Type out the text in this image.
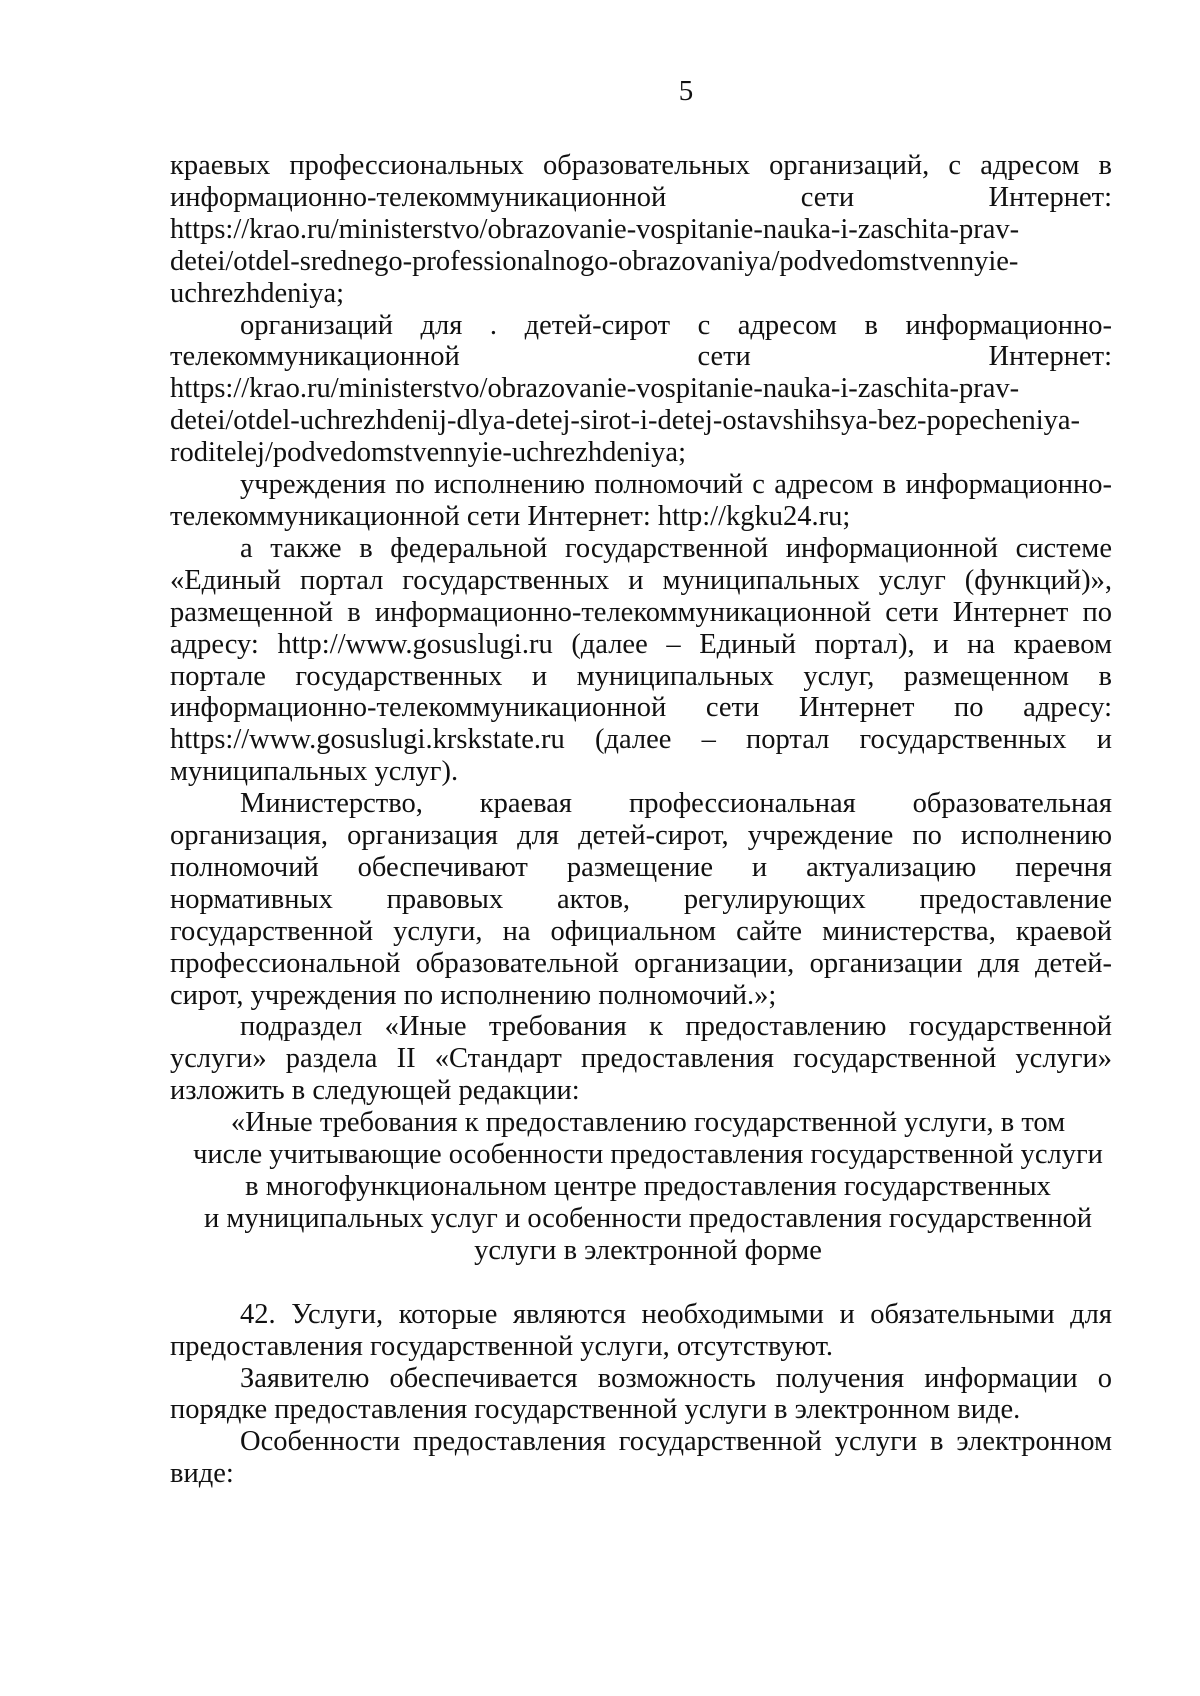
5

краевых профессиональных образовательных организаций, с адресом в информационно-телекоммуникационной сети Интернет: https://krao.ru/ministerstvo/obrazovanie-vospitanie-nauka-i-zaschita-prav-detei/otdel-srednego-professionalnogo-obrazovaniya/podvedomstvennyie-uchrezhdeniya;

организаций для . детей-сирот с адресом в информационно-телекоммуникационной сети Интернет: https://krao.ru/ministerstvo/obrazovanie-vospitanie-nauka-i-zaschita-prav-detei/otdel-uchrezhdenij-dlya-detej-sirot-i-detej-ostavshihsya-bez-popecheniya-roditelej/podvedomstvennyie-uchrezhdeniya;

учреждения по исполнению полномочий с адресом в информационно-телекоммуникационной сети Интернет: http://kgku24.ru;

а также в федеральной государственной информационной системе «Единый портал государственных и муниципальных услуг (функций)», размещенной в информационно-телекоммуникационной сети Интернет по адресу: http://www.gosuslugi.ru (далее – Единый портал), и на краевом портале государственных и муниципальных услуг, размещенном в информационно-телекоммуникационной сети Интернет по адресу: https://www.gosuslugi.krskstate.ru (далее – портал государственных и муниципальных услуг).

Министерство, краевая профессиональная образовательная организация, организация для детей-сирот, учреждение по исполнению полномочий обеспечивают размещение и актуализацию перечня нормативных правовых актов, регулирующих предоставление государственной услуги, на официальном сайте министерства, краевой профессиональной образовательной организации, организации для детей-сирот, учреждения по исполнению полномочий.»;

подраздел «Иные требования к предоставлению государственной услуги» раздела II «Стандарт предоставления государственной услуги» изложить в следующей редакции:

«Иные требования к предоставлению государственной услуги, в том
числе учитывающие особенности предоставления государственной услуги
в многофункциональном центре предоставления государственных
и муниципальных услуг и особенности предоставления государственной
услуги в электронной форме

42. Услуги, которые являются необходимыми и обязательными для предоставления государственной услуги, отсутствуют.

Заявителю обеспечивается возможность получения информации о порядке предоставления государственной услуги в электронном виде.

Особенности предоставления государственной услуги в электронном виде:
